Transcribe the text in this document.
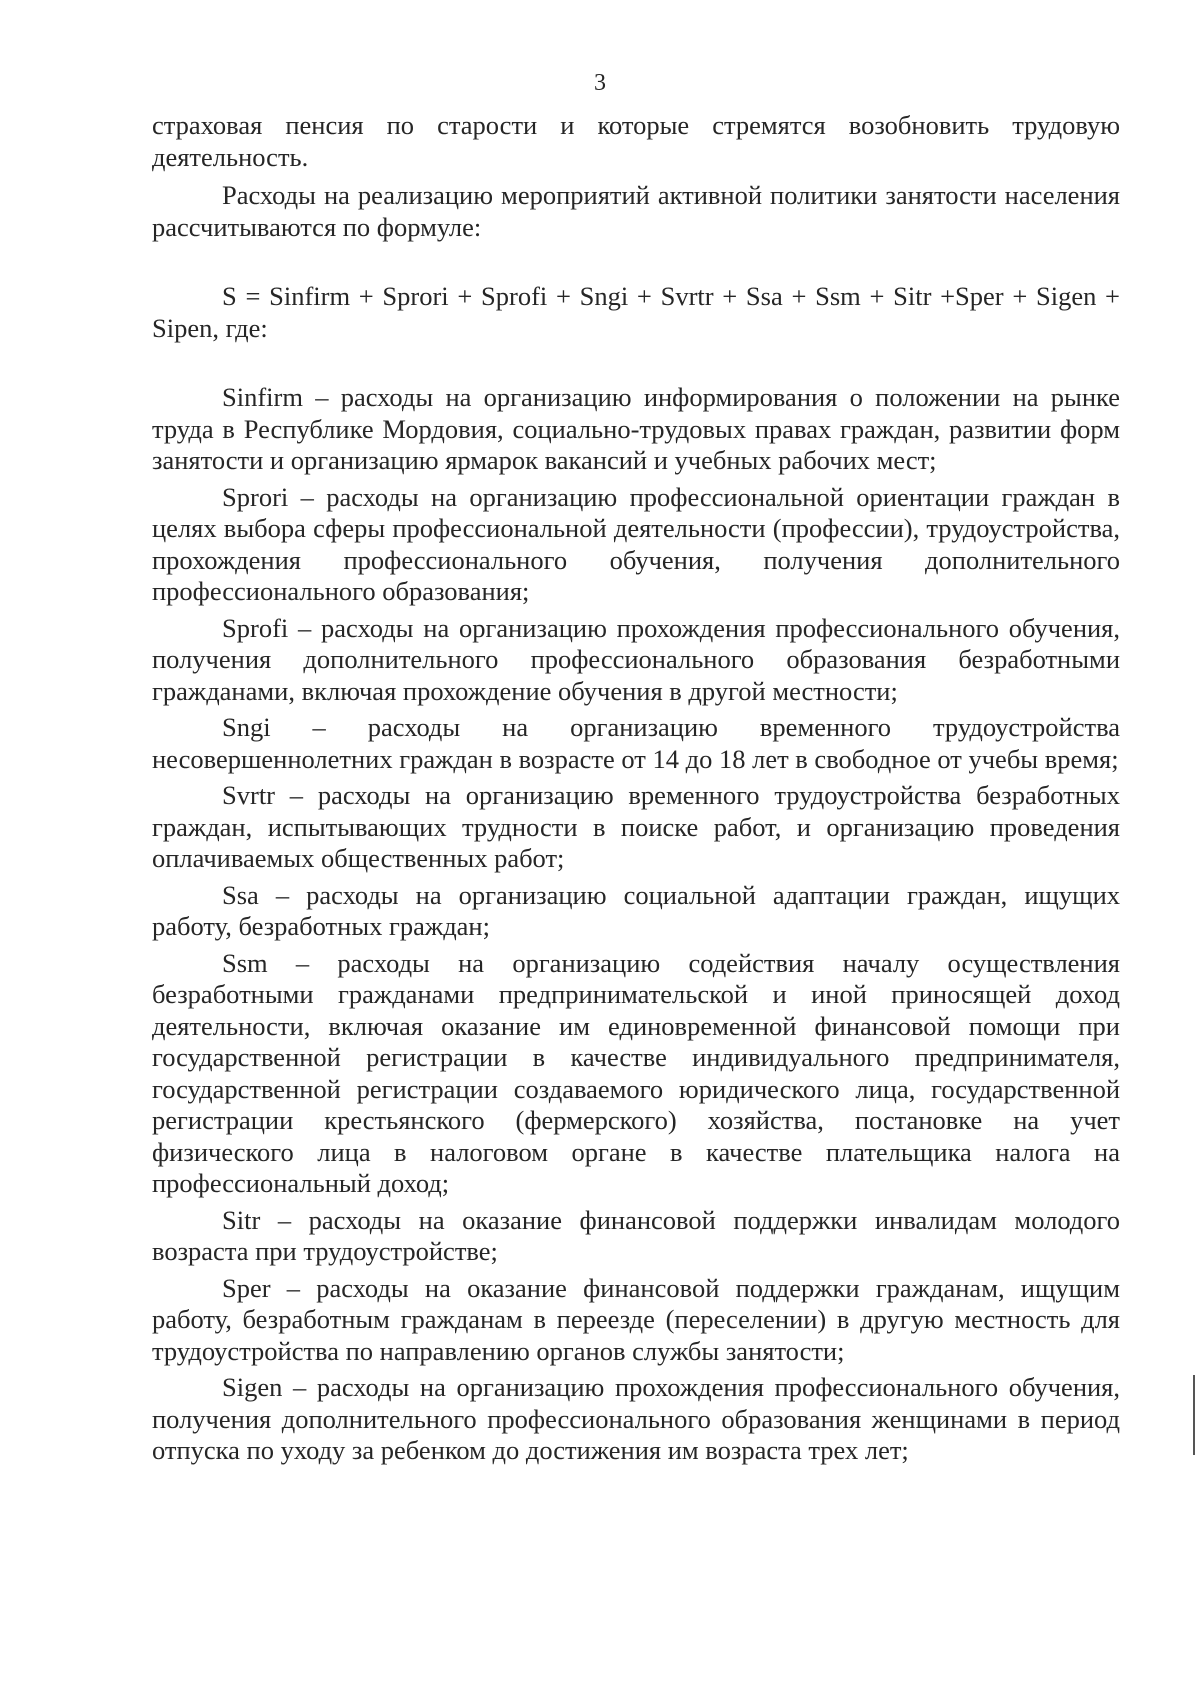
3

страховая пенсия по старости и которые стремятся возобновить трудовую деятельность.

Расходы на реализацию мероприятий активной политики занятости населения рассчитываются по формуле:

S = Sinfirm + Sprori + Sprofi + Sngi + Svrtr + Ssa + Ssm + Sitr +Sper + Sigen + Sipen, где:

Sinfirm – расходы на организацию информирования о положении на рынке труда в Республике Мордовия, социально-трудовых правах граждан, развитии форм занятости и организацию ярмарок вакансий и учебных рабочих мест;

Sprori – расходы на организацию профессиональной ориентации граждан в целях выбора сферы профессиональной деятельности (профессии), трудоустройства, прохождения профессионального обучения, получения дополнительного профессионального образования;

Sprofi – расходы на организацию прохождения профессионального обучения, получения дополнительного профессионального образования безработными гражданами, включая прохождение обучения в другой местности;

Sngi – расходы на организацию временного трудоустройства несовершеннолетних граждан в возрасте от 14 до 18 лет в свободное от учебы время;

Svrtr – расходы на организацию временного трудоустройства безработных граждан, испытывающих трудности в поиске работ, и организацию проведения оплачиваемых общественных работ;

Ssa – расходы на организацию социальной адаптации граждан, ищущих работу, безработных граждан;

Ssm – расходы на организацию содействия началу осуществления безработными гражданами предпринимательской и иной приносящей доход деятельности, включая оказание им единовременной финансовой помощи при государственной регистрации в качестве индивидуального предпринимателя, государственной регистрации создаваемого юридического лица, государственной регистрации крестьянского (фермерского) хозяйства, постановке на учет физического лица в налоговом органе в качестве плательщика налога на профессиональный доход;

Sitr – расходы на оказание финансовой поддержки инвалидам молодого возраста при трудоустройстве;

Sper – расходы на оказание финансовой поддержки гражданам, ищущим работу, безработным гражданам в переезде (переселении) в другую местность для трудоустройства по направлению органов службы занятости;

Sigen – расходы на организацию прохождения профессионального обучения, получения дополнительного профессионального образования женщинами в период отпуска по уходу за ребенком до достижения им возраста трех лет;
